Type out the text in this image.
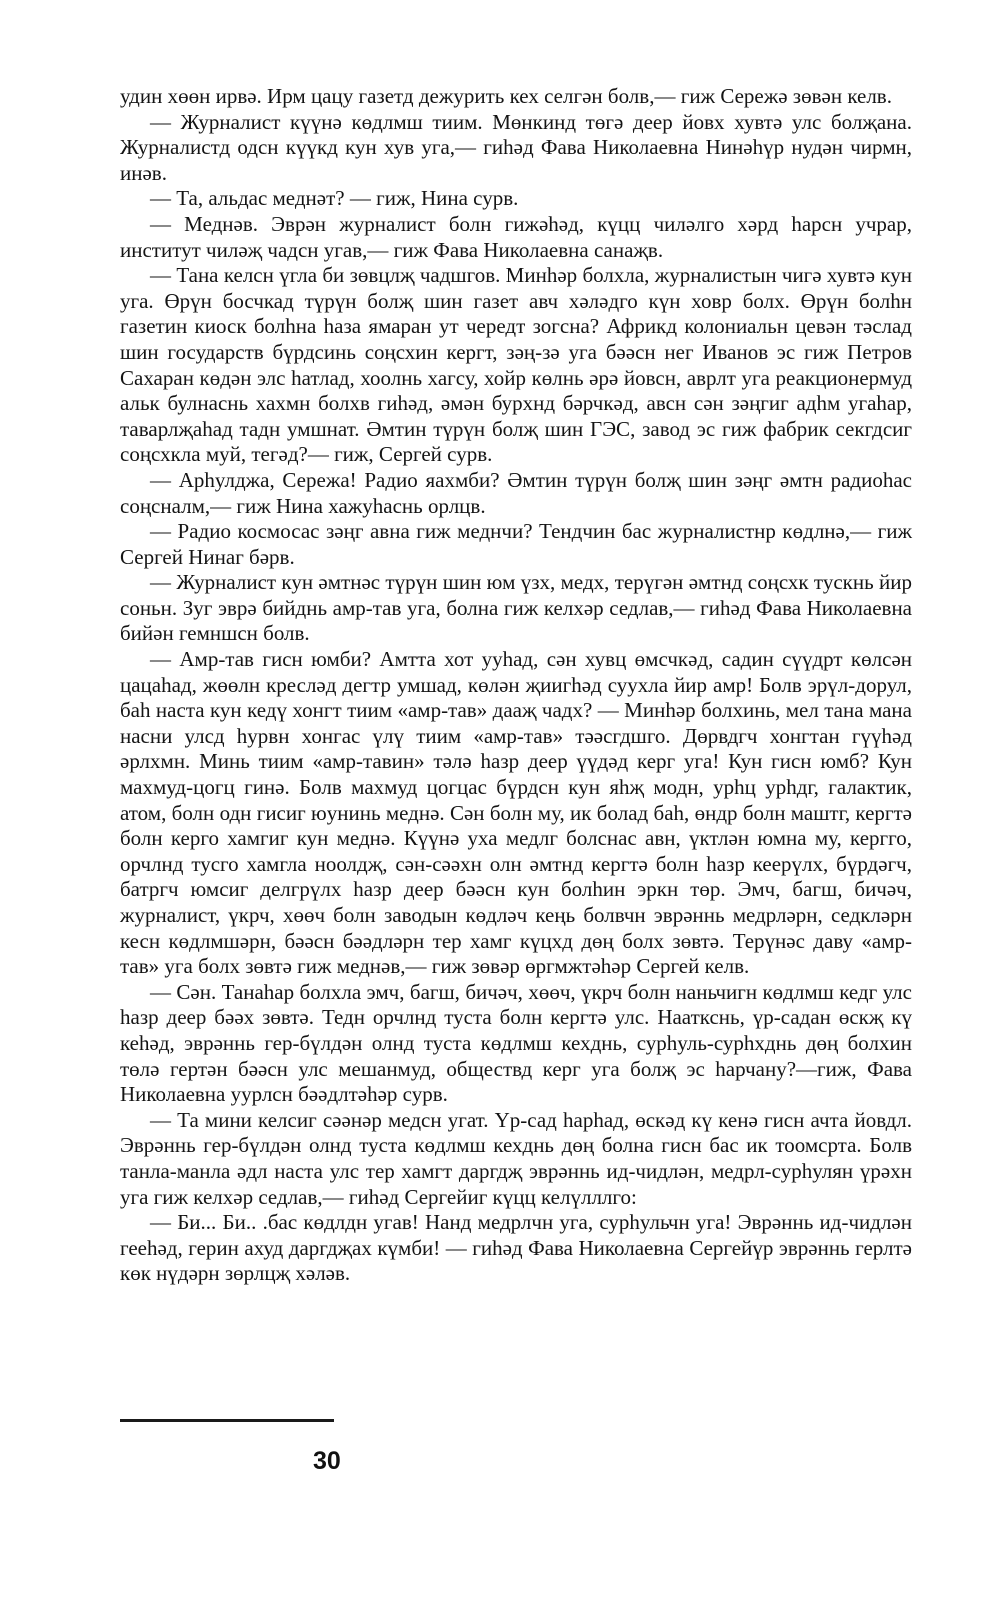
удин хөөн ирвә. Ирм цацу газетд дежурить кех селгән болв,— гиж Сережә зөвән келв.

— Журналист күүнә көдлмш тиим. Мөнкинд төгә деер йовх хувтә улс болҗана. Журналистд одсн күүкд кун хув уга,— гиһәд Фава Николаевна Нинәһүр нудән чирмн, инәв.

— Та, альдас меднәт? — гиж, Нина сурв.

— Меднәв. Эврән журналист болн гижәһәд, күцц чиләлго хәрд һарсн учрар, институт чиләҗ чадсн угав,— гиж Фава Николаевна санаҗв.

— Тана келсн үгла би зөвцлҗ чадшгов. Минһәр болхла, журналистын чигә хувтә кун уга. Өрүн босчкад түрүн болҗ шин газет авч хәләдго күн ховр болх. Өрүн болһн газетин киоск болһна һаза ямаран ут чередт зогсна? Африкд колониальн цевән тәслад шин государств бүрдсинь соңсхин кергт, зәң-зә уга бәәсн нег Иванов эс гиж Петров Сахаран көдән элс һатлад, хоолнь хагсу, хойр көлнь әрә йовсн, аврлт уга реакционермуд альк булнаснь хахмн болхв гиһәд, әмән бурхнд бәрчкәд, авсн сән зәңгиг адһм угаһар, таварлҗаһад тадн умшнат. Әмтин түрүн болҗ шин ГЭС, завод эс гиж фабрик секгдсиг соңсхкла муй, тегәд?— гиж, Сергей сурв.

— Арһулджа, Сережа! Радио яахмби? Әмтин түрүн болҗ шин зәңг әмтн радиоһас соңсналм,— гиж Нина хажуһаснь орлцв.

— Радио космосас зәңг авна гиж меднчи? Тендчин бас журналистнр көдлнә,— гиж Сергей Нинаг бәрв.

— Журналист кун әмтнәс түрүн шин юм үзх, медх, терүгән әмтнд соңсхк тускнь йир соньн. Зуг эврә бийднь амр-тав уга, болна гиж келхәр седлав,— гиһәд Фава Николаевна бийән гемншсн болв.

— Амр-тав гисн юмби? Амтта хот ууһад, сән хувц өмсчкәд, садин сүүдрт көлсән цацаһад, жөөлн кресләд дегтр умшад, көлән җиигһәд суухла йир амр! Болв эрүл-дорул, баһ наста кун кедү хонгт тиим «амр-тав» дааҗ чадх? — Минһәр болхинь, мел тана мана насни улсд һурвн хонгас үлү тиим «амр-тав» тәәсгдшго. Дөрвдгч хонгтан гүүһәд әрлхмн. Минь тиим «амр-тавин» тәлә һазр деер үүдәд керг уга! Кун гисн юмб? Кун махмуд-цогц гинә. Болв махмуд цогцас бүрдсн кун яһҗ модн, урһц урһдг, галактик, атом, болн одн гисиг юунинь меднә. Сән болн му, ик болад баһ, өндр болн маштг, кергтә болн керго хамгиг кун меднә. Күүнә уха медлг болснас авн, үктлән юмна му, кергго, орчлнд тусго хамгла ноолдҗ, сән-сәәхн олн әмтнд кергтә болн һазр кеерүлх, бүрдәгч, батргч юмсиг делгрүлх һазр деер бәәсн кун болһин эркн төр. Эмч, багш, бичәч, журналист, үкрч, хөөч болн заводын көдләч кеңь болвчн эврәннь медрләрн, седкләрн кесн көдлмшәрн, бәәсн бәәдләрн тер хамг күцхд дөң болх зөвтә. Терүнәс даву «амр-тав» уга болх зөвтә гиж меднәв,— гиж зөвәр өргмжтәһәр Сергей келв.

— Сән. Танаһар болхла эмч, багш, бичәч, хөөч, үкрч болн наньчигн көдлмш кедг улс һазр деер бәәх зөвтә. Тедн орчлнд туста болн кергтә улс. Нааткснь, үр-садан өскҗ кү кеһәд, эврәннь гер-бүлдән олнд туста көдлмш кехднь, сурһуль-сурһхднь дөң болхин төлә гертән бәәсн улс мешанмуд, обществд керг уга болҗ эс һарчану?—гиж, Фава Николаевна уурлсн бәәдлтәһәр сурв.

— Та мини келсиг сәәнәр медсн угат. Үр-сад һарһад, өскәд кү кенә гисн ачта йовдл. Эврәннь гер-бүлдән олнд туста көдлмш кехднь дөң болна гисн бас ик тоомсрта. Болв танла-манла әдл наста улс тер хамгт даргдҗ эврәннь ид-чидлән, медрл-сурһулян үрәхн уга гиж келхәр седлав,— гиһәд Сергейиг күцц келүлллго:

— Би... Би.. .бас көдлдн угав! Нанд медрлчн уга, сурһульчн уга! Эврәннь ид-чидлән гееһәд, герин ахуд даргдҗах күмби! — гиһәд Фава Николаевна Сергейүр эврәннь герлтә көк нүдәрн зөрлцҗ хәләв.

30
